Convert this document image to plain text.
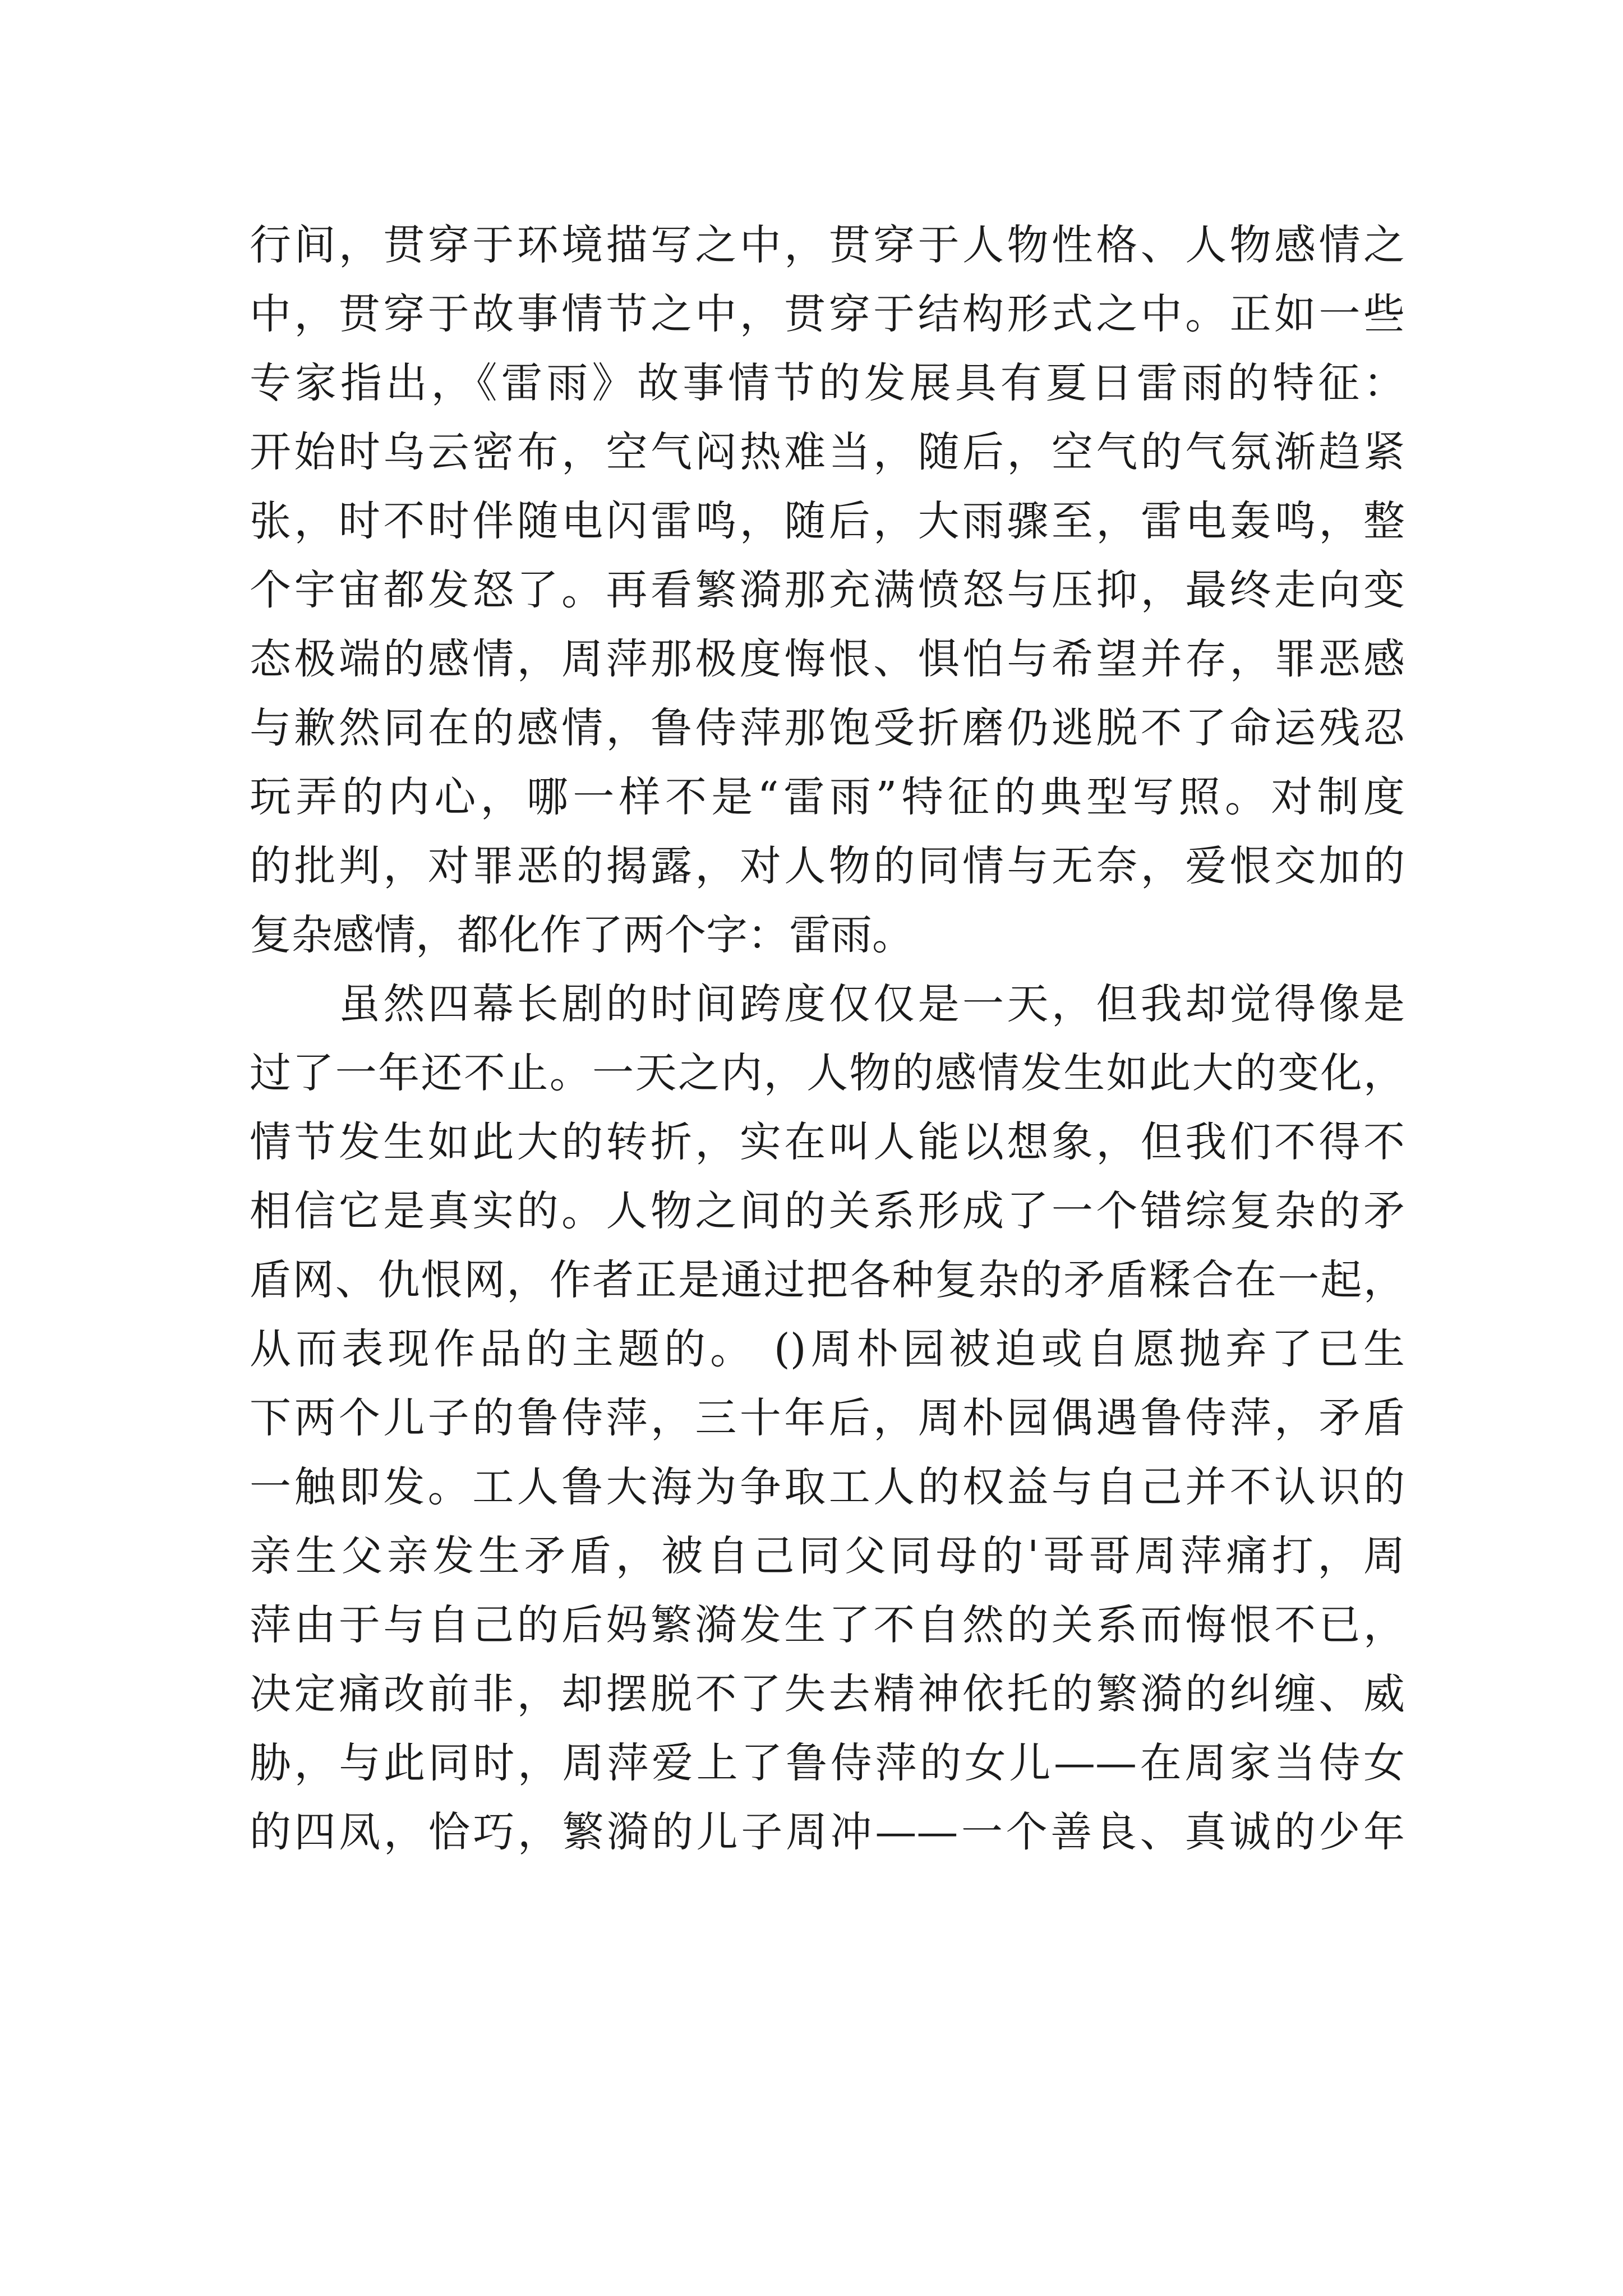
行间，贯穿于环境描写之中，贯穿于人物性格、人物感情之
中，贯穿于故事情节之中，贯穿于结构形式之中。正如一些
专家指出，《雷雨》故事情节的发展具有夏日雷雨的特征：
开始时乌云密布，空气闷热难当，随后，空气的气氛渐趋紧
张，时不时伴随电闪雷鸣，随后，大雨骤至，雷电轰鸣，整
个宇宙都发怒了。再看繁漪那充满愤怒与压抑，最终走向变
态极端的感情，周萍那极度悔恨、惧怕与希望并存，罪恶感
与歉然同在的感情，鲁侍萍那饱受折磨仍逃脱不了命运残忍
玩弄的内心，哪一样不是“雷雨”特征的典型写照。对制度
的批判，对罪恶的揭露，对人物的同情与无奈，爱恨交加的
复杂感情，都化作了两个字：雷雨。
　　虽然四幕长剧的时间跨度仅仅是一天，但我却觉得像是
过了一年还不止。一天之内，人物的感情发生如此大的变化，
情节发生如此大的转折，实在叫人能以想象，但我们不得不
相信它是真实的。人物之间的关系形成了一个错综复杂的矛
盾网、仇恨网，作者正是通过把各种复杂的矛盾糅合在一起，
从而表现作品的主题的。 ()周朴园被迫或自愿抛弃了已生
下两个儿子的鲁侍萍，三十年后，周朴园偶遇鲁侍萍，矛盾
一触即发。工人鲁大海为争取工人的权益与自己并不认识的
亲生父亲发生矛盾，被自己同父同母的'哥哥周萍痛打，周
萍由于与自己的后妈繁漪发生了不自然的关系而悔恨不已，
决定痛改前非，却摆脱不了失去精神依托的繁漪的纠缠、威
胁，与此同时，周萍爱上了鲁侍萍的女儿——在周家当侍女
的四凤，恰巧，繁漪的儿子周冲——一个善良、真诚的少年
